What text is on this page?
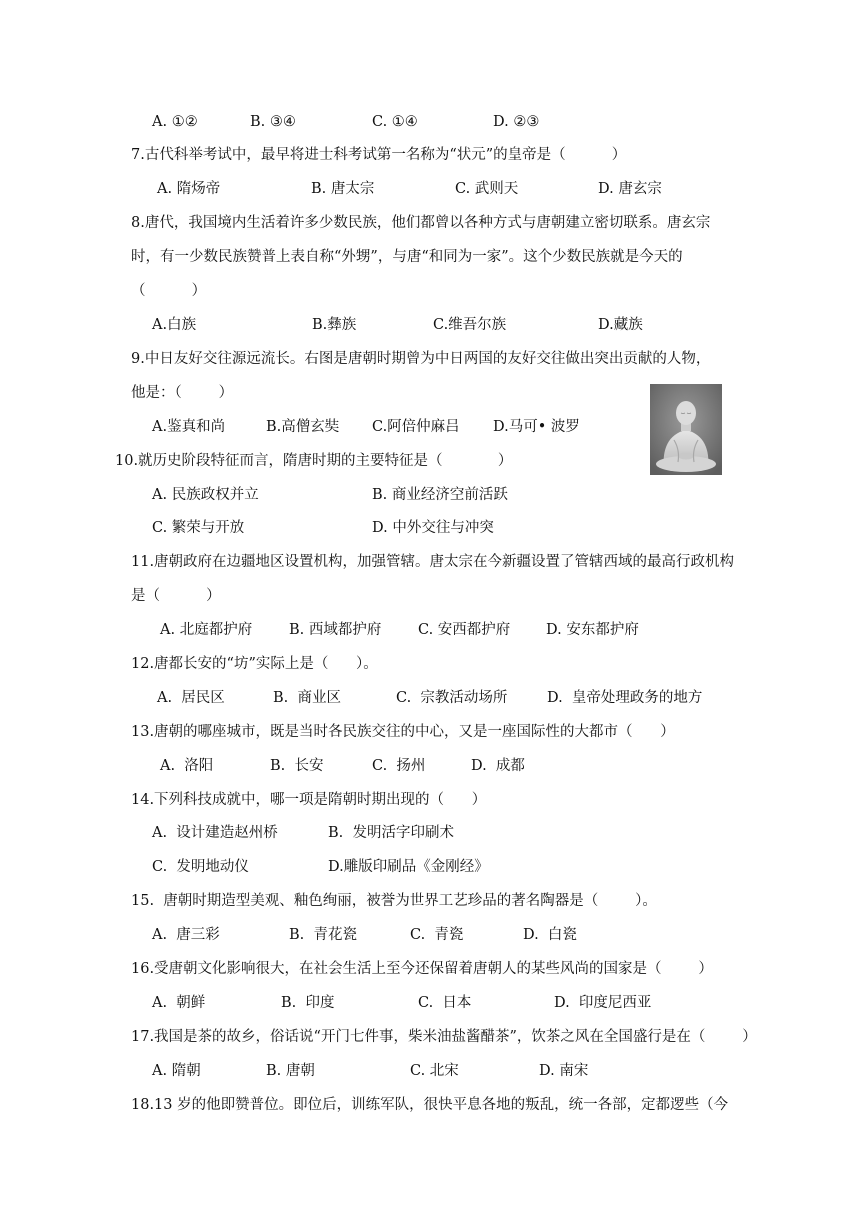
A. ①②	B. ③④	C. ①④	D. ②③
7.古代科举考试中，最早将进士科考试第一名称为“状元”的皇帝是（          ）
A. 隋炀帝	B. 唐太宗	C. 武则天	D. 唐玄宗
8.唐代，我国境内生活着许多少数民族，他们都曾以各种方式与唐朝建立密切联系。唐玄宗
时，有一少数民族赞普上表自称“外甥”，与唐“和同为一家”。这个少数民族就是今天的
（          ）
A.白族	B.彝族	C.维吾尔族	D.藏族
9.中日友好交往源远流长。右图是唐朝时期曾为中日两国的友好交往做出突出贡献的人物，
他是：（        ）
A.鉴真和尚	B.高僧玄奘 C.阿倍仲麻吕 D.马可• 波罗
10.就历史阶段特征而言，隋唐时期的主要特征是（            ）
A. 民族政权并立	B. 商业经济空前活跃
C. 繁荣与开放	D. 中外交往与冲突
11.唐朝政府在边疆地区设置机构，加强管辖。唐太宗在今新疆设置了管辖西域的最高行政机构
是（          ）
A. 北庭都护府	B. 西域都护府	C. 安西都护府 D. 安东都护府
12.唐都长安的“坊”实际上是（      ）。
A.  居民区	B.  商业区	C.  宗教活动场所	D.  皇帝处理政务的地方
13.唐朝的哪座城市，既是当时各民族交往的中心，又是一座国际性的大都市（      ）
A.  洛阳	B.  长安	C.  扬州	D.  成都
14.下列科技成就中，哪一项是隋朝时期出现的（      ）
A.  设计建造赵州桥	B.  发明活字印刷术
C.  发明地动仪	D.雕版印刷品《金刚经》
15.  唐朝时期造型美观、釉色绚丽，被誉为世界工艺珍品的著名陶器是（        ）。
A.  唐三彩	B.  青花瓷	C.  青瓷	D.  白瓷
16.受唐朝文化影响很大，在社会生活上至今还保留着唐朝人的某些风尚的国家是（        ）
A.  朝鲜	B.  印度	C.  日本	D.  印度尼西亚
17.我国是茶的故乡，俗话说“开门七件事，柴米油盐酱醋茶”，饮茶之风在全国盛行是在（        ）
A. 隋朝	B. 唐朝	C. 北宋	D. 南宋
18.13 岁的他即赞普位。即位后，训练军队，很快平息各地的叛乱，统一各部，定都逻些（今
